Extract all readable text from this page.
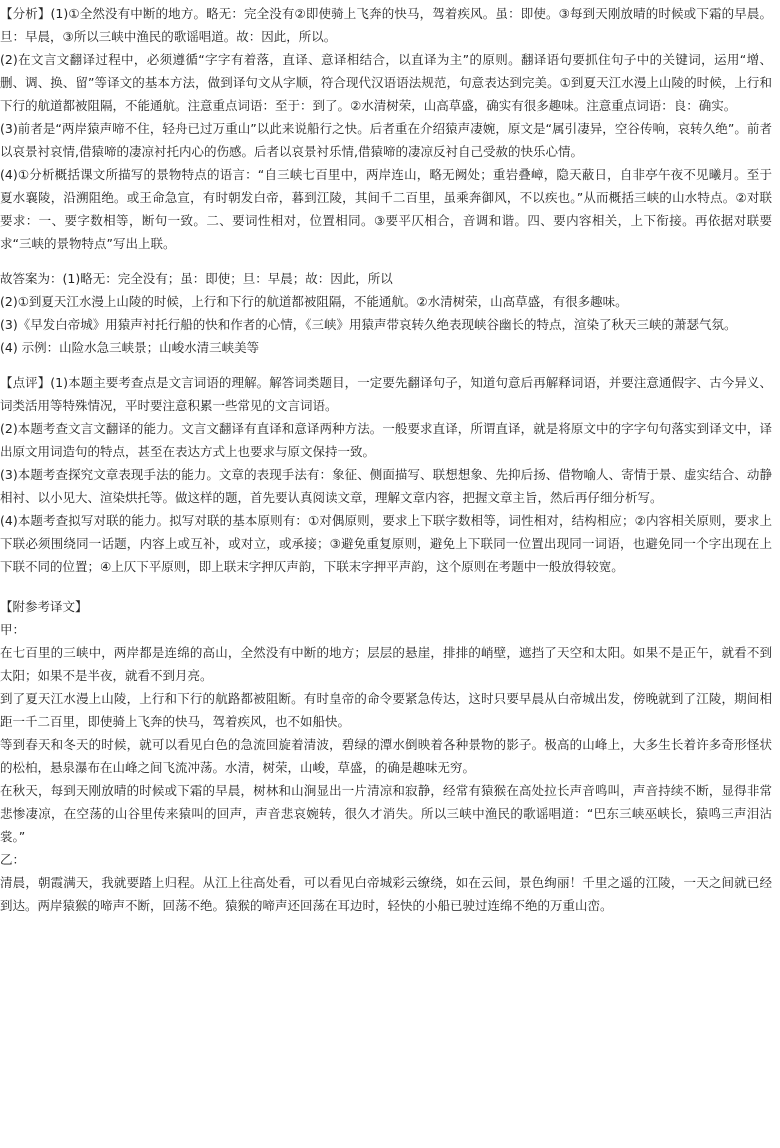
【分析】(1)①全然没有中断的地方。略无：完全没有②即使骑上飞奔的快马，驾着疾风。虽：即使。③每到天刚放晴的时候或下霜的早晨。旦：早晨，③所以三峡中渔民的歌谣唱道。故：因此，所以。

(2)在文言文翻译过程中，必须遵循“字字有着落，直译、意译相结合，以直译为主”的原则。翻译语句要抓住句子中的关键词，运用“增、删、调、换、留”等译文的基本方法，做到译句文从字顺，符合现代汉语语法规范，句意表达到完美。①到夏天江水漫上山陵的时候，上行和下行的航道都被阻隔，不能通航。注意重点词语：至于：到了。②水清树荣，山高草盛，确实有很多趣味。注意重点词语：良：确实。

(3)前者是“两岸猿声啼不住，轻舟已过万重山”以此来说船行之快。后者重在介绍猿声凄婉，原文是“属引凄异，空谷传响，哀转久绝”。前者以哀景衬哀情,借猿啼的凄凉衬托内心的伤感。后者以哀景衬乐情,借猿啼的凄凉反衬自己受赦的快乐心情。

(4)①分析概括课文所描写的景物特点的语言：“自三峡七百里中，两岸连山，略无阙处；重岩叠嶂，隐天蔽日，自非亭午夜不见曦月。至于夏水襄陵，沿溯阻绝。或王命急宣，有时朝发白帝，暮到江陵，其间千二百里，虽乘奔御风，不以疾也。”从而概括三峡的山水特点。②对联要求：一、要字数相等，断句一致。二、要词性相对，位置相同。③要平仄相合，音调和谐。四、要内容相关，上下衔接。再依据对联要求“三峡的景物特点”写出上联。

故答案为：(1)略无：完全没有；虽：即使；旦：早晨；故：因此，所以

(2)①到夏天江水漫上山陵的时候，上行和下行的航道都被阻隔，不能通航。②水清树荣，山高草盛，有很多趣味。

(3)《早发白帝城》用猿声衬托行船的快和作者的心情，《三峡》用猿声带哀转久绝表现峡谷幽长的特点，渲染了秋天三峡的萧瑟气氛。

(4) 示例：山险水急三峡景；山峻水清三峡美等

【点评】(1)本题主要考查点是文言词语的理解。解答词类题目，一定要先翻译句子，知道句意后再解释词语，并要注意通假字、古今异义、词类活用等特殊情况，平时要注意积累一些常见的文言词语。

(2)本题考查文言文翻译的能力。文言文翻译有直译和意译两种方法。一般要求直译，所谓直译，就是将原文中的字字句句落实到译文中，译出原文用词造句的特点，甚至在表达方式上也要求与原文保持一致。

(3)本题考查探究文章表现手法的能力。文章的表现手法有：象征、侧面描写、联想想象、先抑后扬、借物喻人、寄情于景、虚实结合、动静相衬、以小见大、渲染烘托等。做这样的题，首先要认真阅读文章，理解文章内容，把握文章主旨，然后再仔细分析写。

(4)本题考查拟写对联的能力。拟写对联的基本原则有：①对偶原则，要求上下联字数相等，词性相对，结构相应；②内容相关原则，要求上下联必须围绕同一话题，内容上或互补，或对立，或承接；③避免重复原则，避免上下联同一位置出现同一词语，也避免同一个字出现在上下联不同的位置；④上仄下平原则，即上联末字押仄声韵，下联末字押平声韵，这个原则在考题中一般放得较宽。

【附参考译文】

甲：

在七百里的三峡中，两岸都是连绵的高山，全然没有中断的地方；层层的悬崖，排排的峭壁，遮挡了天空和太阳。如果不是正午，就看不到太阳；如果不是半夜，就看不到月亮。

到了夏天江水漫上山陵，上行和下行的航路都被阻断。有时皇帝的命令要紧急传达，这时只要早晨从白帝城出发，傍晚就到了江陵，期间相距一千二百里，即使骑上飞奔的快马，驾着疾风，也不如船快。

等到春天和冬天的时候，就可以看见白色的急流回旋着清波，碧绿的潭水倒映着各种景物的影子。极高的山峰上，大多生长着许多奇形怪状的松柏，悬泉瀑布在山峰之间飞流冲荡。水清，树荣，山峻，草盛，的确是趣味无穷。

在秋天，每到天刚放晴的时候或下霜的早晨，树林和山涧显出一片清凉和寂静，经常有猿猴在高处拉长声音鸣叫，声音持续不断，显得非常悲惨凄凉，在空荡的山谷里传来猿叫的回声，声音悲哀婉转，很久才消失。所以三峡中渔民的歌谣唱道：“巴东三峡巫峡长，猿鸣三声泪沾裳。”

乙：

清晨，朝霞满天，我就要踏上归程。从江上往高处看，可以看见白帝城彩云缭绕，如在云间，景色绚丽！千里之遥的江陵，一天之间就已经到达。两岸猿猴的啼声不断，回荡不绝。猿猴的啼声还回荡在耳边时，轻快的小船已驶过连绵不绝的万重山峦。
